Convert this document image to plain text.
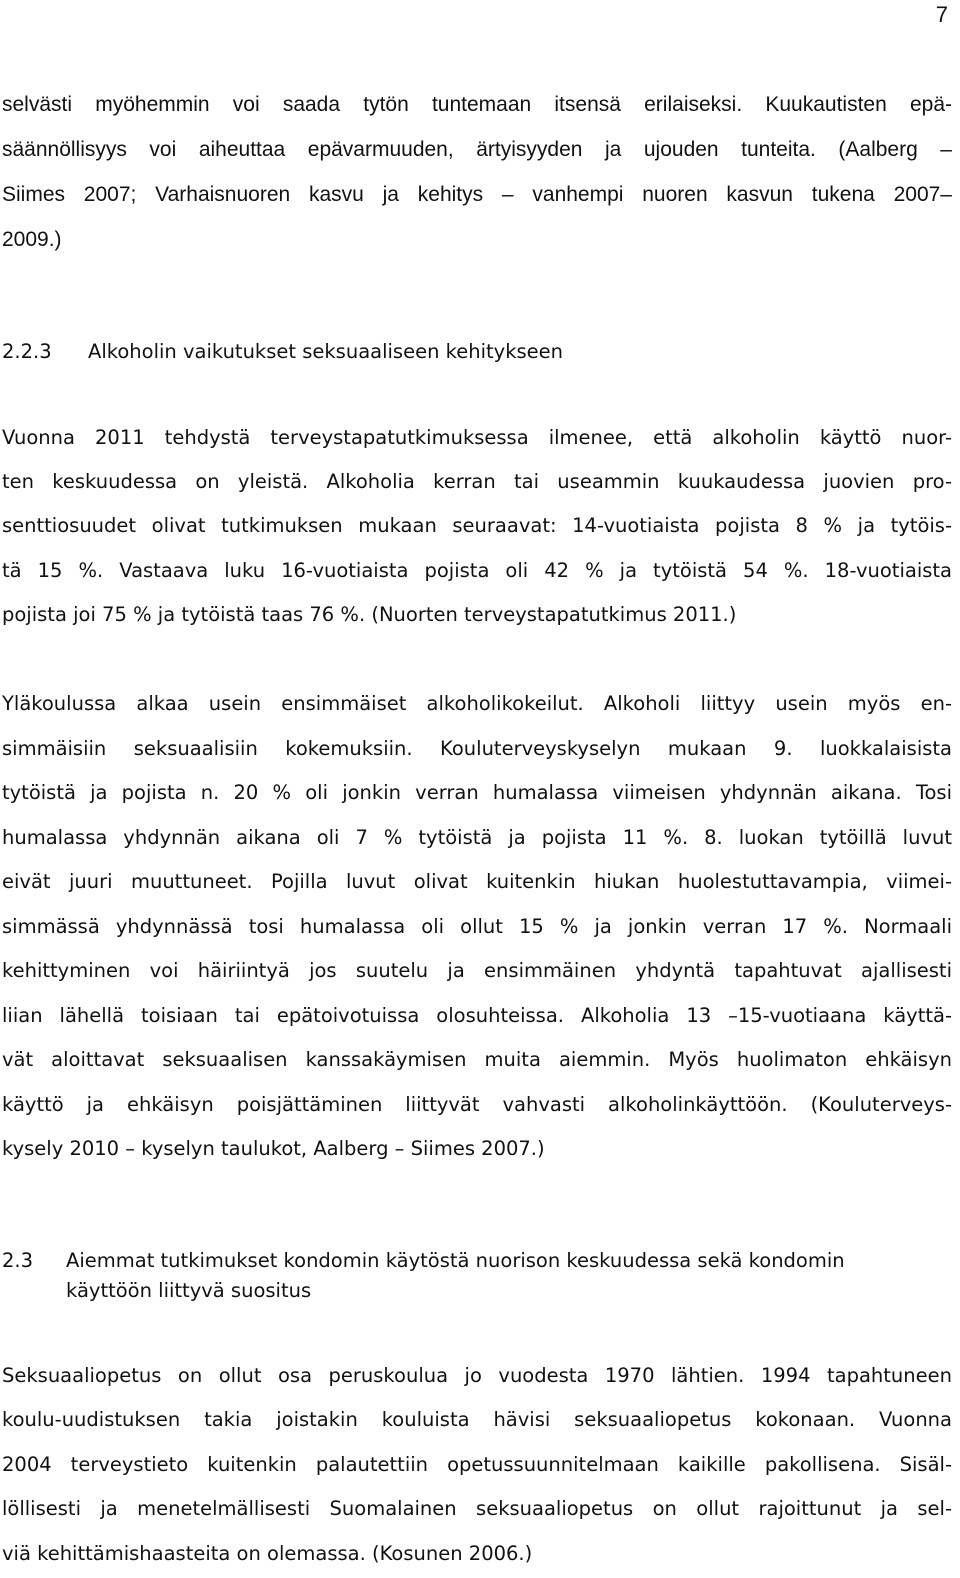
7
selvästi myöhemmin voi saada tytön tuntemaan itsensä erilaiseksi. Kuukautisten epä-
säännöllisyys voi aiheuttaa epävarmuuden, ärtyisyyden ja ujouden tunteita. (Aalberg –
Siimes 2007; Varhaisnuoren kasvu ja kehitys – vanhempi nuoren kasvun tukena 2007–
2009.)
2.2.3 Alkoholin vaikutukset seksuaaliseen kehitykseen
Vuonna 2011 tehdystä terveystapatutkimuksessa ilmenee, että alkoholin käyttö nuor-
ten keskuudessa on yleistä. Alkoholia kerran tai useammin kuukaudessa juovien pro-
senttiosuudet olivat tutkimuksen mukaan seuraavat: 14-vuotiaista pojista 8 % ja tytöis-
tä 15 %. Vastaava luku 16-vuotiaista pojista oli 42 % ja tytöistä 54 %. 18-vuotiaista
pojista joi 75 % ja tytöistä taas 76 %. (Nuorten terveystapatutkimus 2011.)
Yläkoulussa alkaa usein ensimmäiset alkoholikokeilut. Alkoholi liittyy usein myös en-
simmäisiin seksuaalisiin kokemuksiin. Kouluterveyskyselyn mukaan 9. luokkalaisista
tytöistä ja pojista n. 20 % oli jonkin verran humalassa viimeisen yhdynnän aikana. Tosi
humalassa yhdynnän aikana oli 7 % tytöistä ja pojista 11 %. 8. luokan tytöillä luvut
eivät juuri muuttuneet. Pojilla luvut olivat kuitenkin hiukan huolestuttavampia, viimei-
simmässä yhdynnässä tosi humalassa oli ollut 15 % ja jonkin verran 17 %. Normaali
kehittyminen voi häiriintyä jos suutelu ja ensimmäinen yhdyntä tapahtuvat ajallisesti
liian lähellä toisiaan tai epätoivotuissa olosuhteissa. Alkoholia 13 –15-vuotiaana käyttä-
vät aloittavat seksuaalisen kanssakäymisen muita aiemmin. Myös huolimaton ehkäisyn
käyttö ja ehkäisyn poisjättäminen liittyvät vahvasti alkoholinkäyttöön. (Kouluterveys-
kysely 2010 – kyselyn taulukot, Aalberg – Siimes 2007.)
2.3 Aiemmat tutkimukset kondomin käytöstä nuorison keskuudessa sekä kondomin
käyttöön liittyvä suositus
Seksuaaliopetus on ollut osa peruskoulua jo vuodesta 1970 lähtien. 1994 tapahtuneen
koulu-uudistuksen takia joistakin kouluista hävisi seksuaaliopetus kokonaan. Vuonna
2004 terveystieto kuitenkin palautettiin opetussuunnitelmaan kaikille pakollisena. Sisäl-
löllisesti ja menetelmällisesti Suomalainen seksuaaliopetus on ollut rajoittunut ja sel-
viä kehittämishaasteita on olemassa. (Kosunen 2006.)
